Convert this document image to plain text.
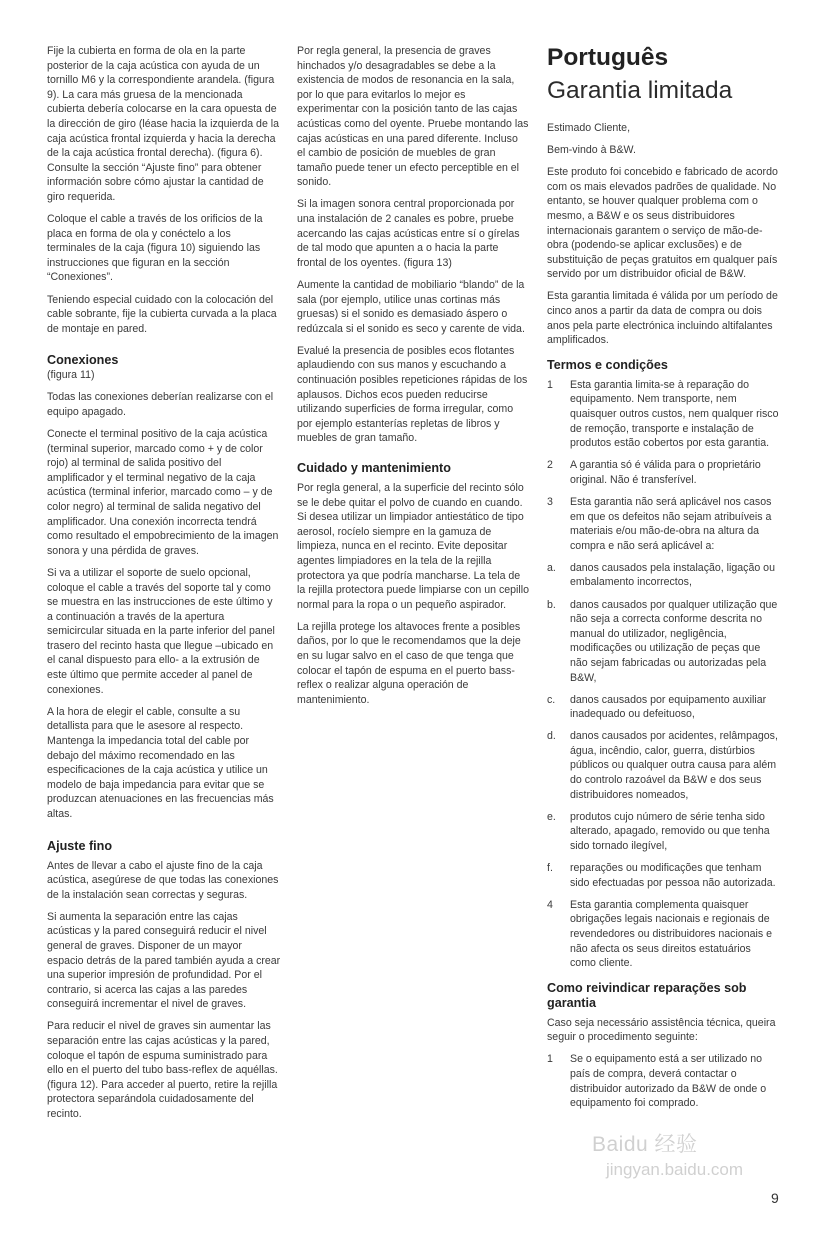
Fije la cubierta en forma de ola en la parte posterior de la caja acústica con ayuda de un tornillo M6 y la correspondiente arandela. (figura 9). La cara más gruesa de la mencionada cubierta debería colocarse en la cara opuesta de la dirección de giro (léase hacia la izquierda de la caja acústica frontal izquierda y hacia la derecha de la caja acústica frontal derecha). (figura 6). Consulte la sección “Ajuste fino” para obtener información sobre cómo ajustar la cantidad de giro requerida.

Coloque el cable a través de los orificios de la placa en forma de ola y conéctelo a los terminales de la caja (figura 10) siguiendo las instrucciones que figuran en la sección “Conexiones”.

Teniendo especial cuidado con la colocación del cable sobrante, fije la cubierta curvada a la placa de montaje en pared.

Conexiones

(figura 11)

Todas las conexiones deberían realizarse con el equipo apagado.

Conecte el terminal positivo de la caja acústica (terminal superior, marcado como + y de color rojo) al terminal de salida positivo del amplificador y el terminal negativo de la caja acústica (terminal inferior, marcado como – y de color negro) al terminal de salida negativo del amplificador. Una conexión incorrecta tendrá como resultado el empobrecimiento de la imagen sonora y una pérdida de graves.

Si va a utilizar el soporte de suelo opcional, coloque el cable a través del soporte tal y como se muestra en las instrucciones de este último y a continuación a través de la apertura semicircular situada en la parte inferior del panel trasero del recinto hasta que llegue –ubicado en el canal dispuesto para ello- a la extrusión de este último que permite acceder al panel de conexiones.

A la hora de elegir el cable, consulte a su detallista para que le asesore al respecto. Mantenga la impedancia total del cable por debajo del máximo recomendado en las especificaciones de la caja acústica y utilice un modelo de baja impedancia para evitar que se produzcan atenuaciones en las frecuencias más altas.

Ajuste fino

Antes de llevar a cabo el ajuste fino de la caja acústica, asegúrese de que todas las conexiones de la instalación sean correctas y seguras.

Si aumenta la separación entre las cajas acústicas y la pared conseguirá reducir el nivel general de graves. Disponer de un mayor espacio detrás de la pared también ayuda a crear una superior impresión de profundidad. Por el contrario, si acerca las cajas a las paredes conseguirá incrementar el nivel de graves.

Para reducir el nivel de graves sin aumentar las separación entre las cajas acústicas y la pared, coloque el tapón de espuma suministrado para ello en el puerto del tubo bass-reflex de aquéllas. (figura 12). Para acceder al puerto, retire la rejilla protectora separándola cuidadosamente del recinto.

Por regla general, la presencia de graves hinchados y/o desagradables se debe a la existencia de modos de resonancia en la sala, por lo que para evitarlos lo mejor es experimentar con la posición tanto de las cajas acústicas como del oyente. Pruebe montando las cajas acústicas en una pared diferente. Incluso el cambio de posición de muebles de gran tamaño puede tener un efecto perceptible en el sonido.

Si la imagen sonora central proporcionada por una instalación de 2 canales es pobre, pruebe acercando las cajas acústicas entre sí o gírelas de tal modo que apunten a o hacia la parte frontal de los oyentes. (figura 13)

Aumente la cantidad de mobiliario “blando” de la sala (por ejemplo, utilice unas cortinas más gruesas) si el sonido es demasiado áspero o redúzcala si el sonido es seco y carente de vida.

Evalué la presencia de posibles ecos flotantes aplaudiendo con sus manos y escuchando a continuación posibles repeticiones rápidas de los aplausos. Dichos ecos pueden reducirse utilizando superficies de forma irregular, como por ejemplo estanterías repletas de libros y muebles de gran tamaño.

Cuidado y mantenimiento

Por regla general, a la superficie del recinto sólo se le debe quitar el polvo de cuando en cuando. Si desea utilizar un limpiador antiestático de tipo aerosol, rocíelo siempre en la gamuza de limpieza, nunca en el recinto. Evite depositar agentes limpiadores en la tela de la rejilla protectora ya que podría mancharse. La tela de la rejilla protectora puede limpiarse con un cepillo normal para la ropa o un pequeño aspirador.

La rejilla protege los altavoces frente a posibles daños, por lo que le recomendamos que la deje en su lugar salvo en el caso de que tenga que colocar el tapón de espuma en el puerto bass-reflex o realizar alguna operación de mantenimiento.

Português
Garantia limitada

Estimado Cliente,

Bem-vindo à B&W.

Este produto foi concebido e fabricado de acordo com os mais elevados padrões de qualidade. No entanto, se houver qualquer problema com o mesmo, a B&W e os seus distribuidores internacionais garantem o serviço de mão-de-obra (podendo-se aplicar exclusões) e de substituição de peças gratuitos em qualquer país servido por um distribuidor oficial de B&W.

Esta garantia limitada é válida por um período de cinco anos a partir da data de compra ou dois anos pela parte electrónica incluindo altifalantes amplificados.

Termos e condições
1 Esta garantia limita-se à reparação do equipamento. Nem transporte, nem quaisquer outros custos, nem qualquer risco de remoção, transporte e instalação de produtos estão cobertos por esta garantia.
2 A garantia só é válida para o proprietário original. Não é transferível.
3 Esta garantia não será aplicável nos casos em que os defeitos não sejam atribuíveis a materiais e/ou mão-de-obra na altura da compra e não será aplicável a:
a. danos causados pela instalação, ligação ou embalamento incorrectos,
b. danos causados por qualquer utilização que não seja a correcta conforme descrita no manual do utilizador, negligência, modificações ou utilização de peças que não sejam fabricadas ou autorizadas pela B&W,
c. danos causados por equipamento auxiliar inadequado ou defeituoso,
d. danos causados por acidentes, relâmpagos, água, incêndio, calor, guerra, distúrbios públicos ou qualquer outra causa para além do controlo razoável da B&W e dos seus distribuidores nomeados,
e. produtos cujo número de série tenha sido alterado, apagado, removido ou que tenha sido tornado ilegível,
f. reparações ou modificações que tenham sido efectuadas por pessoa não autorizada.
4 Esta garantia complementa quaisquer obrigações legais nacionais e regionais de revendedores ou distribuidores nacionais e não afecta os seus direitos estatuários como cliente.
Como reivindicar reparações sob garantia

Caso seja necessário assistência técnica, queira seguir o procedimento seguinte:

1 Se o equipamento está a ser utilizado no país de compra, deverá contactar o distribuidor autorizado da B&W de onde o equipamento foi comprado.
Baidu 经验
jingyan.baidu.com
9
